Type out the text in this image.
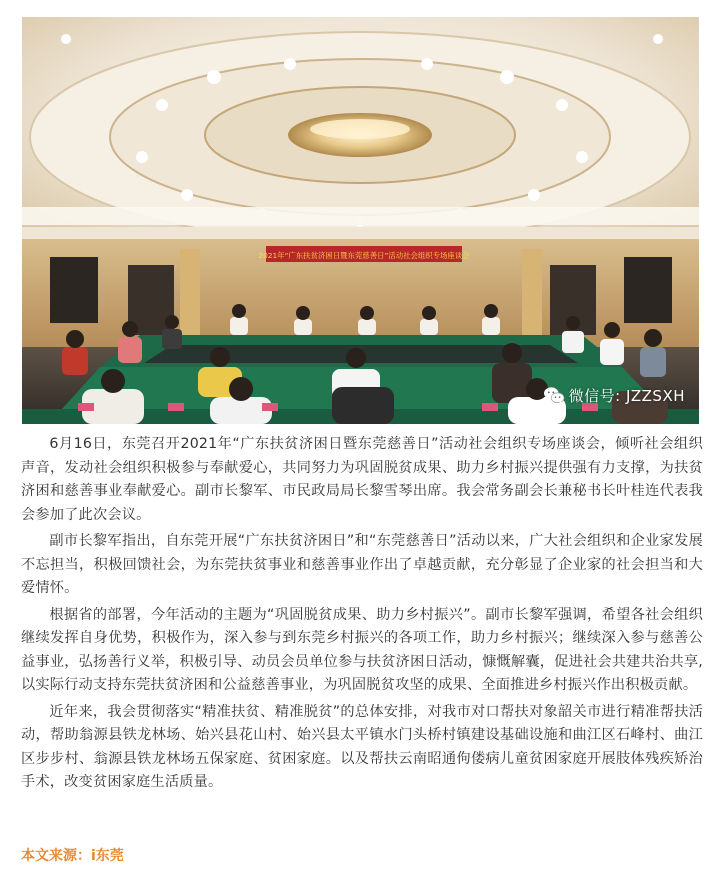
2021年“广东扶贫济困日暨东莞慈善日”活动社会组织专场座谈会
微信号: JZZSXH

6月16日，东莞召开2021年“广东扶贫济困日暨东莞慈善日”活动社会组织专场座谈会，倾听社会组织声音，发动社会组织积极参与奉献爱心，共同努力为巩固脱贫成果、助力乡村振兴提供强有力支撑，为扶贫济困和慈善事业奉献爱心。副市长黎军、市民政局局长黎雪琴出席。我会常务副会长兼秘书长叶桂连代表我会参加了此次会议。

副市长黎军指出，自东莞开展“广东扶贫济困日”和“东莞慈善日”活动以来，广大社会组织和企业家发展不忘担当，积极回馈社会，为东莞扶贫事业和慈善事业作出了卓越贡献，充分彰显了企业家的社会担当和大爱情怀。

根据省的部署，今年活动的主题为“巩固脱贫成果、助力乡村振兴”。副市长黎军强调，希望各社会组织继续发挥自身优势，积极作为，深入参与到东莞乡村振兴的各项工作，助力乡村振兴；继续深入参与慈善公益事业，弘扬善行义举，积极引导、动员会员单位参与扶贫济困日活动，慷慨解囊，促进社会共建共治共享, 以实际行动支持东莞扶贫济困和公益慈善事业，为巩固脱贫攻坚的成果、全面推进乡村振兴作出积极贡献。

近年来，我会贯彻落实“精准扶贫、精准脱贫”的总体安排，对我市对口帮扶对象韶关市进行精准帮扶活动，帮助翁源县铁龙林场、始兴县花山村、始兴县太平镇水门头桥村镇建设基础设施和曲江区石峰村、曲江区步步村、翁源县铁龙林场五保家庭、贫困家庭。以及帮扶云南昭通佝偻病儿童贫困家庭开展肢体残疾矫治手术，改变贫困家庭生活质量。

本文来源：i东莞
